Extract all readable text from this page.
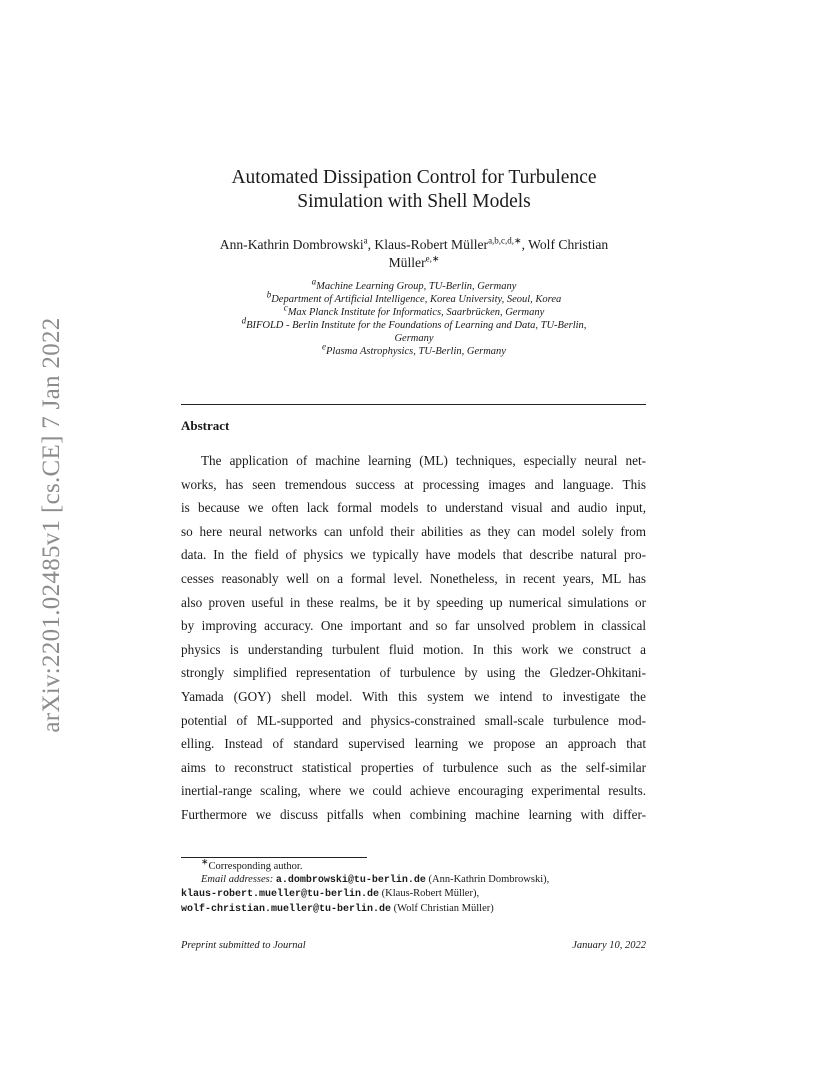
arXiv:2201.02485v1 [cs.CE] 7 Jan 2022
Automated Dissipation Control for Turbulence
Simulation with Shell Models
Ann-Kathrin Dombrowski$^a$, Klaus-Robert Müller$^{a,b,c,d,∗}$, Wolf Christian
Müller$^{e,∗}$
$^a$Machine Learning Group, TU-Berlin, Germany
$^b$Department of Artificial Intelligence, Korea University, Seoul, Korea
$^c$Max Planck Institute for Informatics, Saarbrücken, Germany
$^d$BIFOLD - Berlin Institute for the Foundations of Learning and Data, TU-Berlin,
Germany
$^e$Plasma Astrophysics, TU-Berlin, Germany
Abstract
The application of machine learning (ML) techniques, especially neural net-
works, has seen tremendous success at processing images and language. This
is because we often lack formal models to understand visual and audio input,
so here neural networks can unfold their abilities as they can model solely from
data. In the field of physics we typically have models that describe natural pro-
cesses reasonably well on a formal level. Nonetheless, in recent years, ML has
also proven useful in these realms, be it by speeding up numerical simulations or
by improving accuracy. One important and so far unsolved problem in classical
physics is understanding turbulent fluid motion. In this work we construct a
strongly simplified representation of turbulence by using the Gledzer-Ohkitani-
Yamada (GOY) shell model. With this system we intend to investigate the
potential of ML-supported and physics-constrained small-scale turbulence mod-
elling. Instead of standard supervised learning we propose an approach that
aims to reconstruct statistical properties of turbulence such as the self-similar
inertial-range scaling, where we could achieve encouraging experimental results.
Furthermore we discuss pitfalls when combining machine learning with differ-
∗Corresponding author.
Email addresses: a.dombrowski@tu-berlin.de (Ann-Kathrin Dombrowski),
klaus-robert.mueller@tu-berlin.de (Klaus-Robert Müller),
wolf-christian.mueller@tu-berlin.de (Wolf Christian Müller)
Preprint submitted to Journal	January 10, 2022
